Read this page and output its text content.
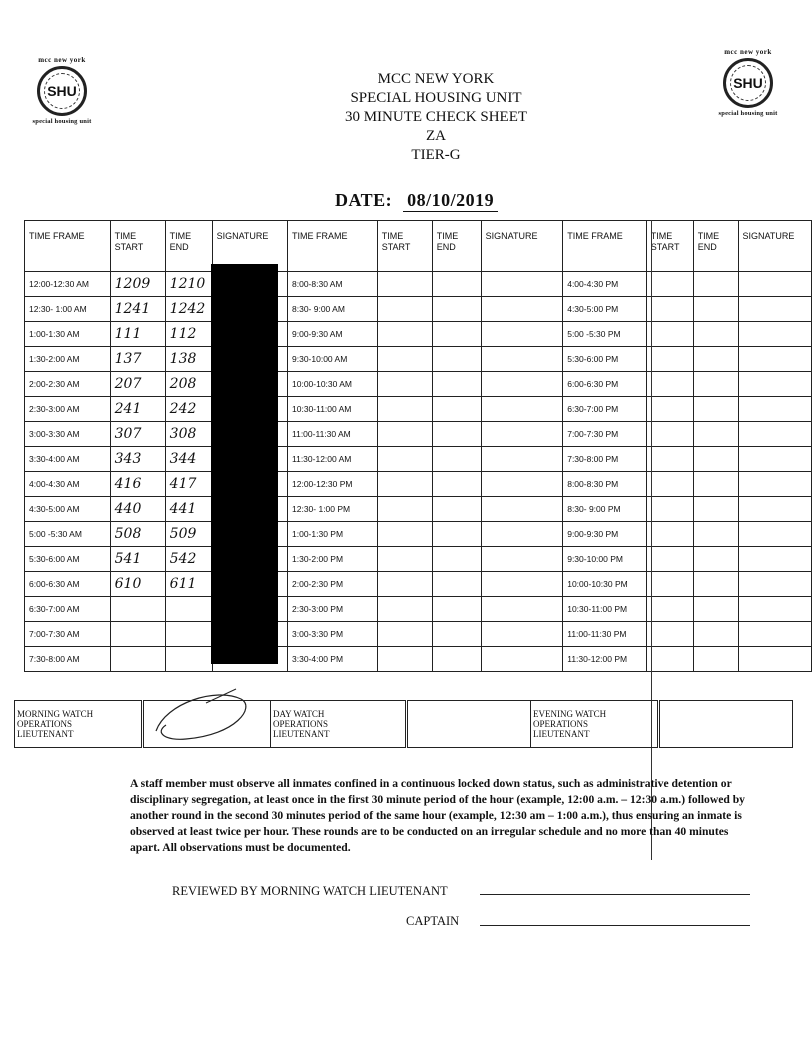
mcc new york
SHU
special housing unit
mcc new york
SHU
special housing unit
MCC NEW YORK
SPECIAL HOUSING UNIT
30 MINUTE CHECK SHEET
ZA
TIER-G
DATE: 08/10/2019
TIME FRAME	TIME START	TIME END	SIGNATURE	TIME FRAME	TIME START	TIME END	SIGNATURE	TIME FRAME	TIME START	TIME END	SIGNATURE
12:00-12:30 AM	1209	1210		8:00-8:30 AM				4:00-4:30 PM			
12:30- 1:00 AM	1241	1242		8:30- 9:00 AM				4:30-5:00 PM			
1:00-1:30 AM	111	112		9:00-9:30 AM				5:00 -5:30 PM			
1:30-2:00 AM	137	138		9:30-10:00 AM				5:30-6:00 PM			
2:00-2:30 AM	207	208		10:00-10:30 AM				6:00-6:30 PM			
2:30-3:00 AM	241	242		10:30-11:00 AM				6:30-7:00 PM			
3:00-3:30 AM	307	308		11:00-11:30 AM				7:00-7:30 PM			
3:30-4:00 AM	343	344		11:30-12:00 AM				7:30-8:00 PM			
4:00-4:30 AM	416	417		12:00-12:30 PM				8:00-8:30 PM			
4:30-5:00 AM	440	441		12:30- 1:00 PM				8:30- 9:00 PM			
5:00 -5:30 AM	508	509		1:00-1:30 PM				9:00-9:30 PM			
5:30-6:00 AM	541	542		1:30-2:00 PM				9:30-10:00 PM			
6:00-6:30 AM	610	611		2:00-2:30 PM				10:00-10:30 PM			
6:30-7:00 AM				2:30-3:00 PM				10:30-11:00 PM			
7:00-7:30 AM				3:00-3:30 PM				11:00-11:30 PM			
7:30-8:00 AM				3:30-4:00 PM				11:30-12:00 PM			
MORNING WATCH
OPERATIONS
LIEUTENANT	
	DAY WATCH
OPERATIONS
LIEUTENANT		EVENING WATCH
OPERATIONS
LIEUTENANT	
A staff member must observe all inmates confined in a continuous locked down status, such as administrative detention or disciplinary segregation, at least once in the first 30 minute period of the hour (example, 12:00 a.m. – 12:30 a.m.) followed by another round in the second 30 minutes period of the same hour (example, 12:30 am – 1:00 a.m.), thus ensuring an inmate is observed at least twice per hour. These rounds are to be conducted on an irregular schedule and no more than 40 minutes apart. All observations must be documented.
REVIEWED BY MORNING WATCH LIEUTENANT
CAPTAIN
